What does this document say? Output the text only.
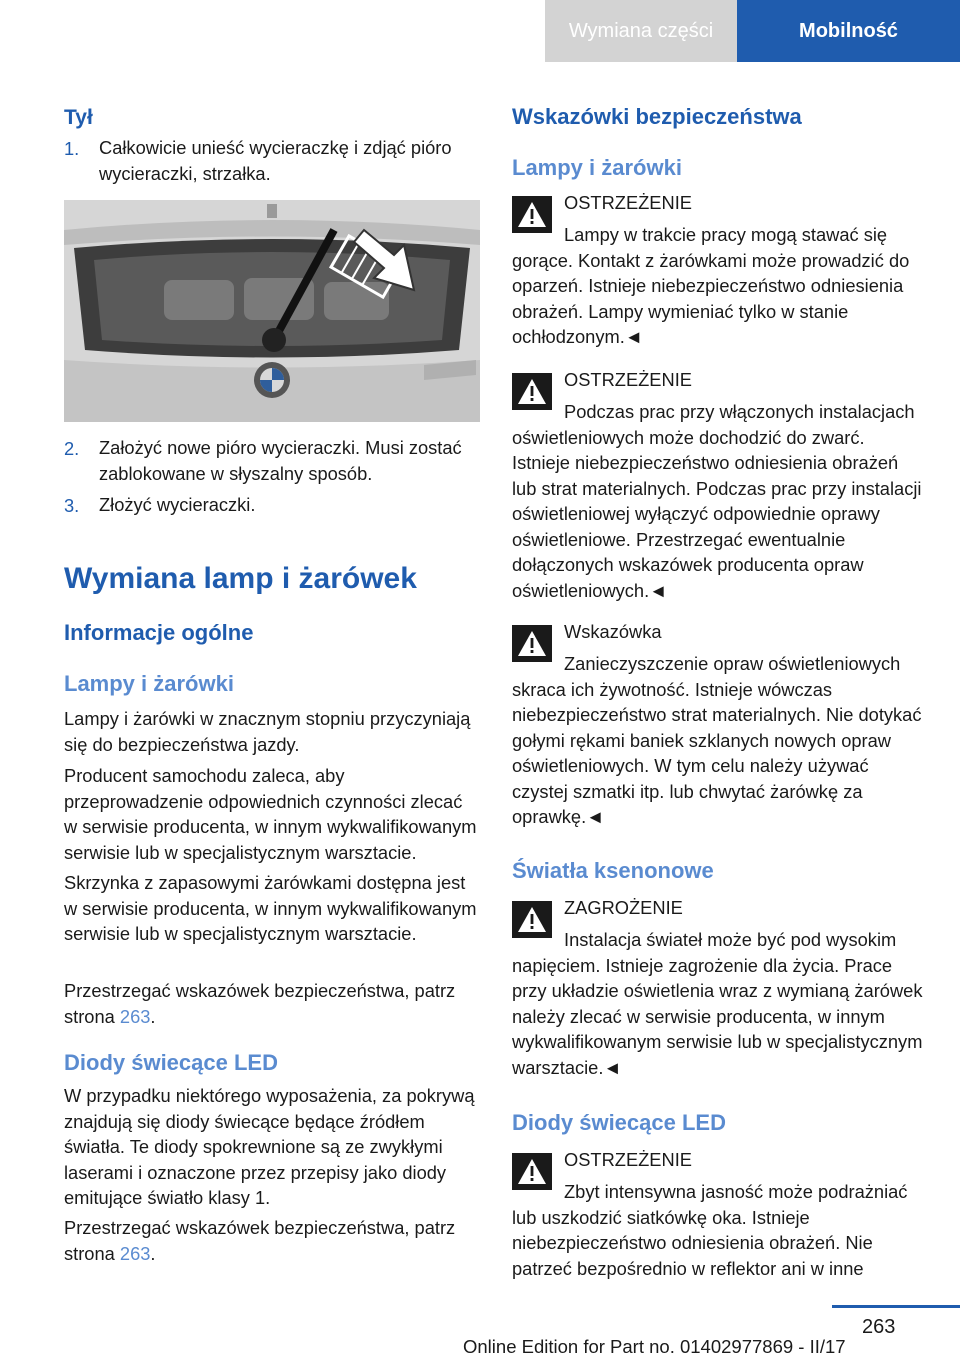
Wymiana części	Mobilność
Tył
1. Całkowicie unieść wycieraczkę i zdjąć pióro wycieraczki, strzałka.
2. Założyć nowe pióro wycieraczki. Musi zostać zablokowane w słyszalny sposób.
3. Złożyć wycieraczki.
Wymiana lamp i żarówek
Informacje ogólne
Lampy i żarówki
Lampy i żarówki w znacznym stopniu przyczyniają się do bezpieczeństwa jazdy.
Producent samochodu zaleca, aby przeprowadzenie odpowiednich czynności zlecać w serwisie producenta, w innym wykwalifikowanym serwisie lub w specjalistycznym warsztacie.
Skrzynka z zapasowymi żarówkami dostępna jest w serwisie producenta, w innym wykwalifikowanym serwisie lub w specjalistycznym warsztacie.
Przestrzegać wskazówek bezpieczeństwa, patrz strona 263.
Diody świecące LED
W przypadku niektórego wyposażenia, za pokrywą znajdują się diody świecące będące źródłem światła. Te diody spokrewnione są ze zwykłymi laserami i oznaczone przez przepisy jako diody emitujące światło klasy 1.
Przestrzegać wskazówek bezpieczeństwa, patrz strona 263.
Wskazówki bezpieczeństwa
Lampy i żarówki
OSTRZEŻENIE
Lampy w trakcie pracy mogą stawać się gorące. Kontakt z żarówkami może prowadzić do oparzeń. Istnieje niebezpieczeństwo odniesienia obrażeń. Lampy wymieniać tylko w stanie ochłodzonym.◄
OSTRZEŻENIE
Podczas prac przy włączonych instalacjach oświetleniowych może dochodzić do zwarć. Istnieje niebezpieczeństwo odniesienia obrażeń lub strat materialnych. Podczas prac przy instalacji oświetleniowej wyłączyć odpowiednie oprawy oświetleniowe. Przestrzegać ewentualnie dołączonych wskazówek producenta opraw oświetleniowych.◄
Wskazówka
Zanieczyszczenie opraw oświetleniowych skraca ich żywotność. Istnieje wówczas niebezpieczeństwo strat materialnych. Nie dotykać gołymi rękami baniek szklanych nowych opraw oświetleniowych. W tym celu należy używać czystej szmatki itp. lub chwytać żarówkę za oprawkę.◄
Światła ksenonowe
ZAGROŻENIE
Instalacja świateł może być pod wysokim napięciem. Istnieje zagrożenie dla życia. Prace przy układzie oświetlenia wraz z wymianą żarówek należy zlecać w serwisie producenta, w innym wykwalifikowanym serwisie lub w specjalistycznym warsztacie.◄
Diody świecące LED
OSTRZEŻENIE
Zbyt intensywna jasność może podrażniać lub uszkodzić siatkówkę oka. Istnieje niebezpieczeństwo odniesienia obrażeń. Nie patrzeć bezpośrednio w reflektor ani w inne
263
Online Edition for Part no. 01402977869 - II/17
